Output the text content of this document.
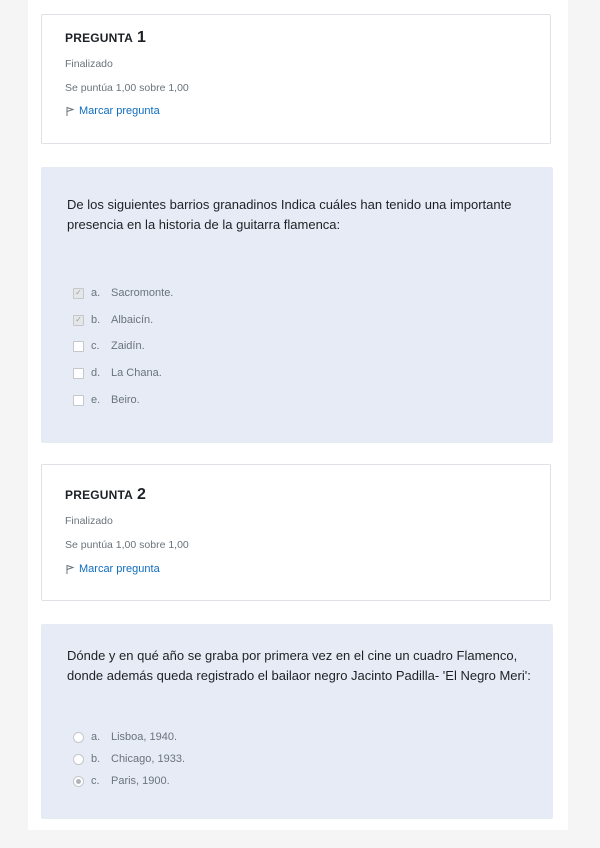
PREGUNTA 1
Finalizado
Se puntúa 1,00 sobre 1,00
Marcar pregunta
De los siguientes barrios granadinos Indica cuáles han tenido una importante presencia en la historia de la guitarra flamenca:
✓ a. Sacromonte.
✓ b. Albaicín.
c.	Zaidín.
d. La Chana.
e. Beiro.
PREGUNTA 2
Finalizado
Se puntúa 1,00 sobre 1,00
Marcar pregunta
Dónde y en qué año se graba por primera vez en el cine un cuadro Flamenco, donde además queda registrado el bailaor negro Jacinto Padilla- 'El Negro Meri':
a. Lisboa, 1940.
b. Chicago, 1933.
c.	Paris, 1900.
